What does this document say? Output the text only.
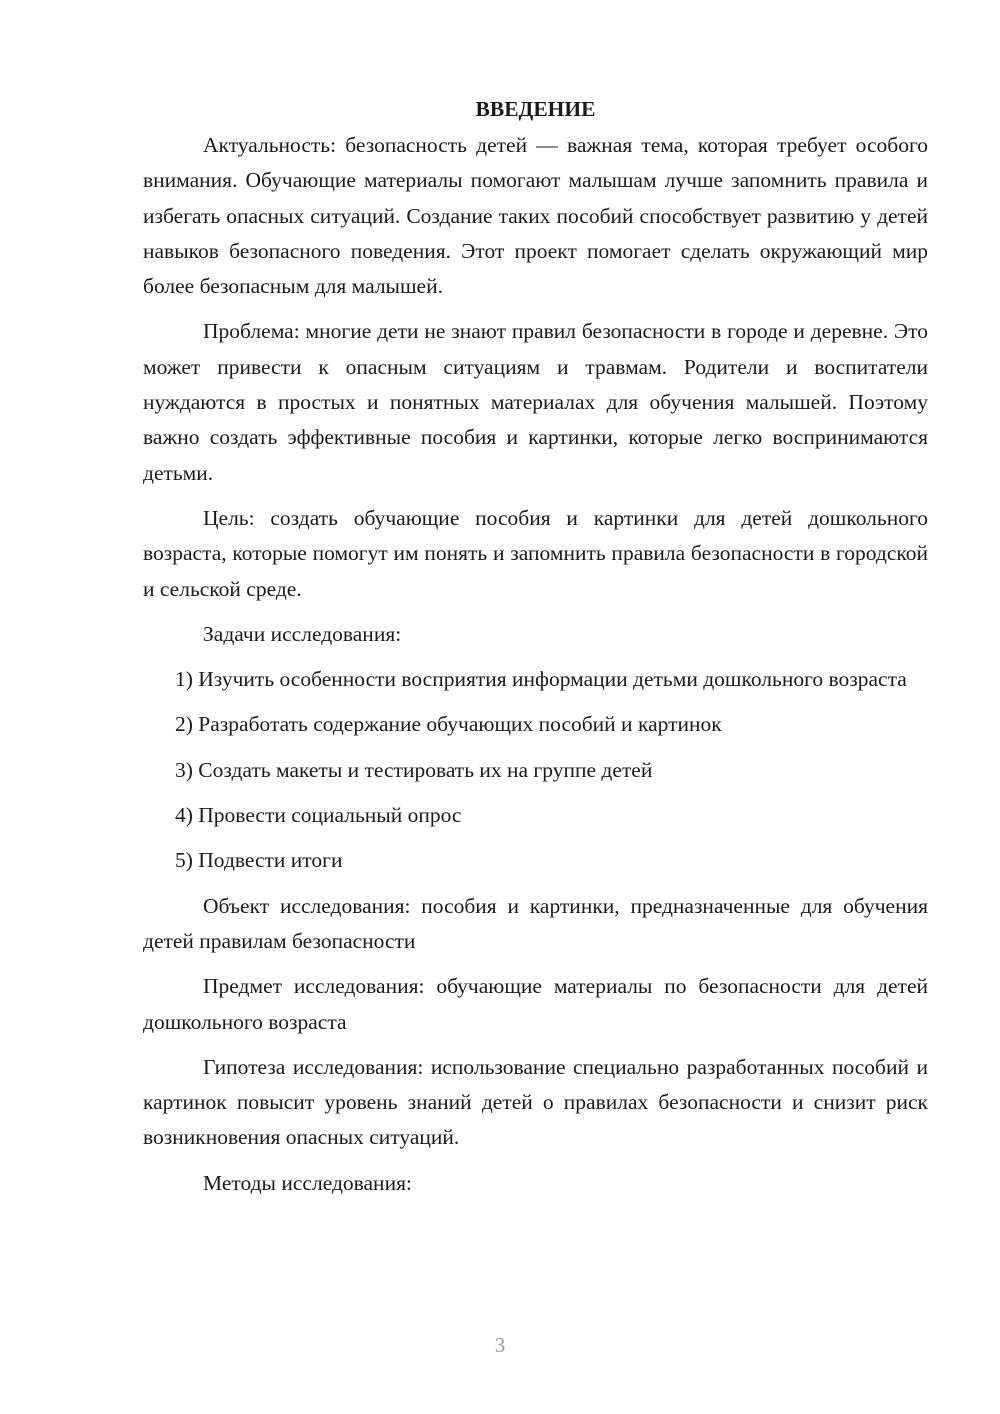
ВВЕДЕНИЕ

Актуальность: безопасность детей — важная тема, которая требует особого внимания. Обучающие материалы помогают малышам лучше запомнить правила и избегать опасных ситуаций. Создание таких пособий способствует развитию у детей навыков безопасного поведения. Этот проект помогает сделать окружающий мир более безопасным для малышей.

Проблема: многие дети не знают правил безопасности в городе и деревне. Это может привести к опасным ситуациям и травмам. Родители и воспитатели нуждаются в простых и понятных материалах для обучения малышей. Поэтому важно создать эффективные пособия и картинки, которые легко воспринимаются детьми.

Цель: создать обучающие пособия и картинки для детей дошкольного возраста, которые помогут им понять и запомнить правила безопасности в городской и сельской среде.

Задачи исследования:

1) Изучить особенности восприятия информации детьми дошкольного возраста

2) Разработать содержание обучающих пособий и картинок

3) Создать макеты и тестировать их на группе детей

4) Провести социальный опрос

5) Подвести итоги

Объект исследования: пособия и картинки, предназначенные для обучения детей правилам безопасности

Предмет исследования: обучающие материалы по безопасности для детей дошкольного возраста

Гипотеза исследования: использование специально разработанных пособий и картинок повысит уровень знаний детей о правилах безопасности и снизит риск возникновения опасных ситуаций.

Методы исследования:

3
